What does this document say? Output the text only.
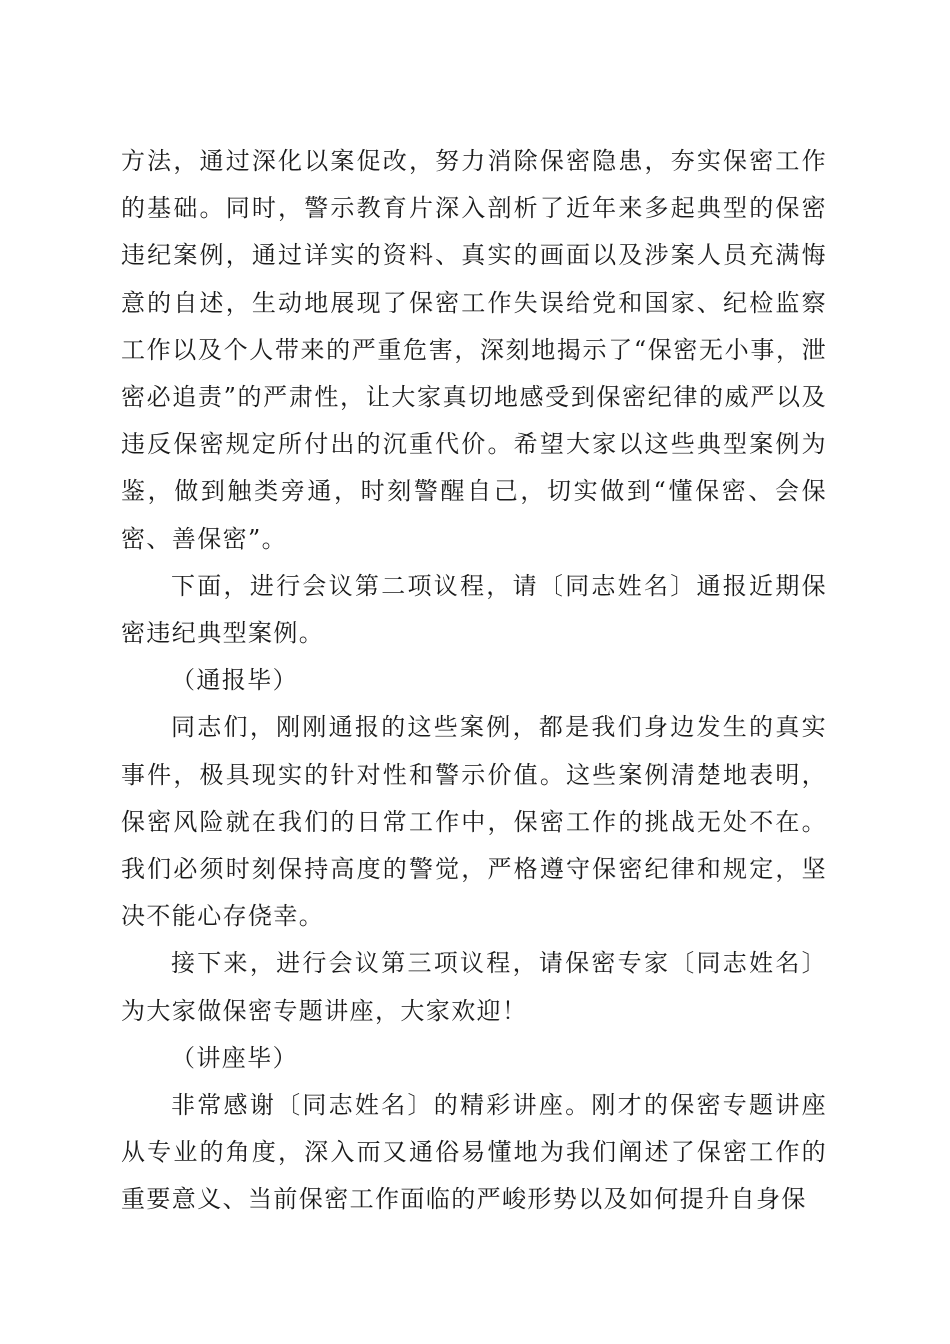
方法，通过深化以案促改，努力消除保密隐患，夯实保密工作的基础。同时，警示教育片深入剖析了近年来多起典型的保密违纪案例，通过详实的资料、真实的画面以及涉案人员充满悔意的自述，生动地展现了保密工作失误给党和国家、纪检监察工作以及个人带来的严重危害，深刻地揭示了“保密无小事，泄密必追责”的严肃性，让大家真切地感受到保密纪律的威严以及违反保密规定所付出的沉重代价。希望大家以这些典型案例为鉴，做到触类旁通，时刻警醒自己，切实做到“懂保密、会保密、善保密”。

下面，进行会议第二项议程，请〔同志姓名〕通报近期保密违纪典型案例。

（通报毕）

同志们，刚刚通报的这些案例，都是我们身边发生的真实事件，极具现实的针对性和警示价值。这些案例清楚地表明，保密风险就在我们的日常工作中，保密工作的挑战无处不在。我们必须时刻保持高度的警觉，严格遵守保密纪律和规定，坚决不能心存侥幸。

接下来，进行会议第三项议程，请保密专家〔同志姓名〕为大家做保密专题讲座，大家欢迎！

（讲座毕）

非常感谢〔同志姓名〕的精彩讲座。刚才的保密专题讲座从专业的角度，深入而又通俗易懂地为我们阐述了保密工作的重要意义、当前保密工作面临的严峻形势以及如何提升自身保
